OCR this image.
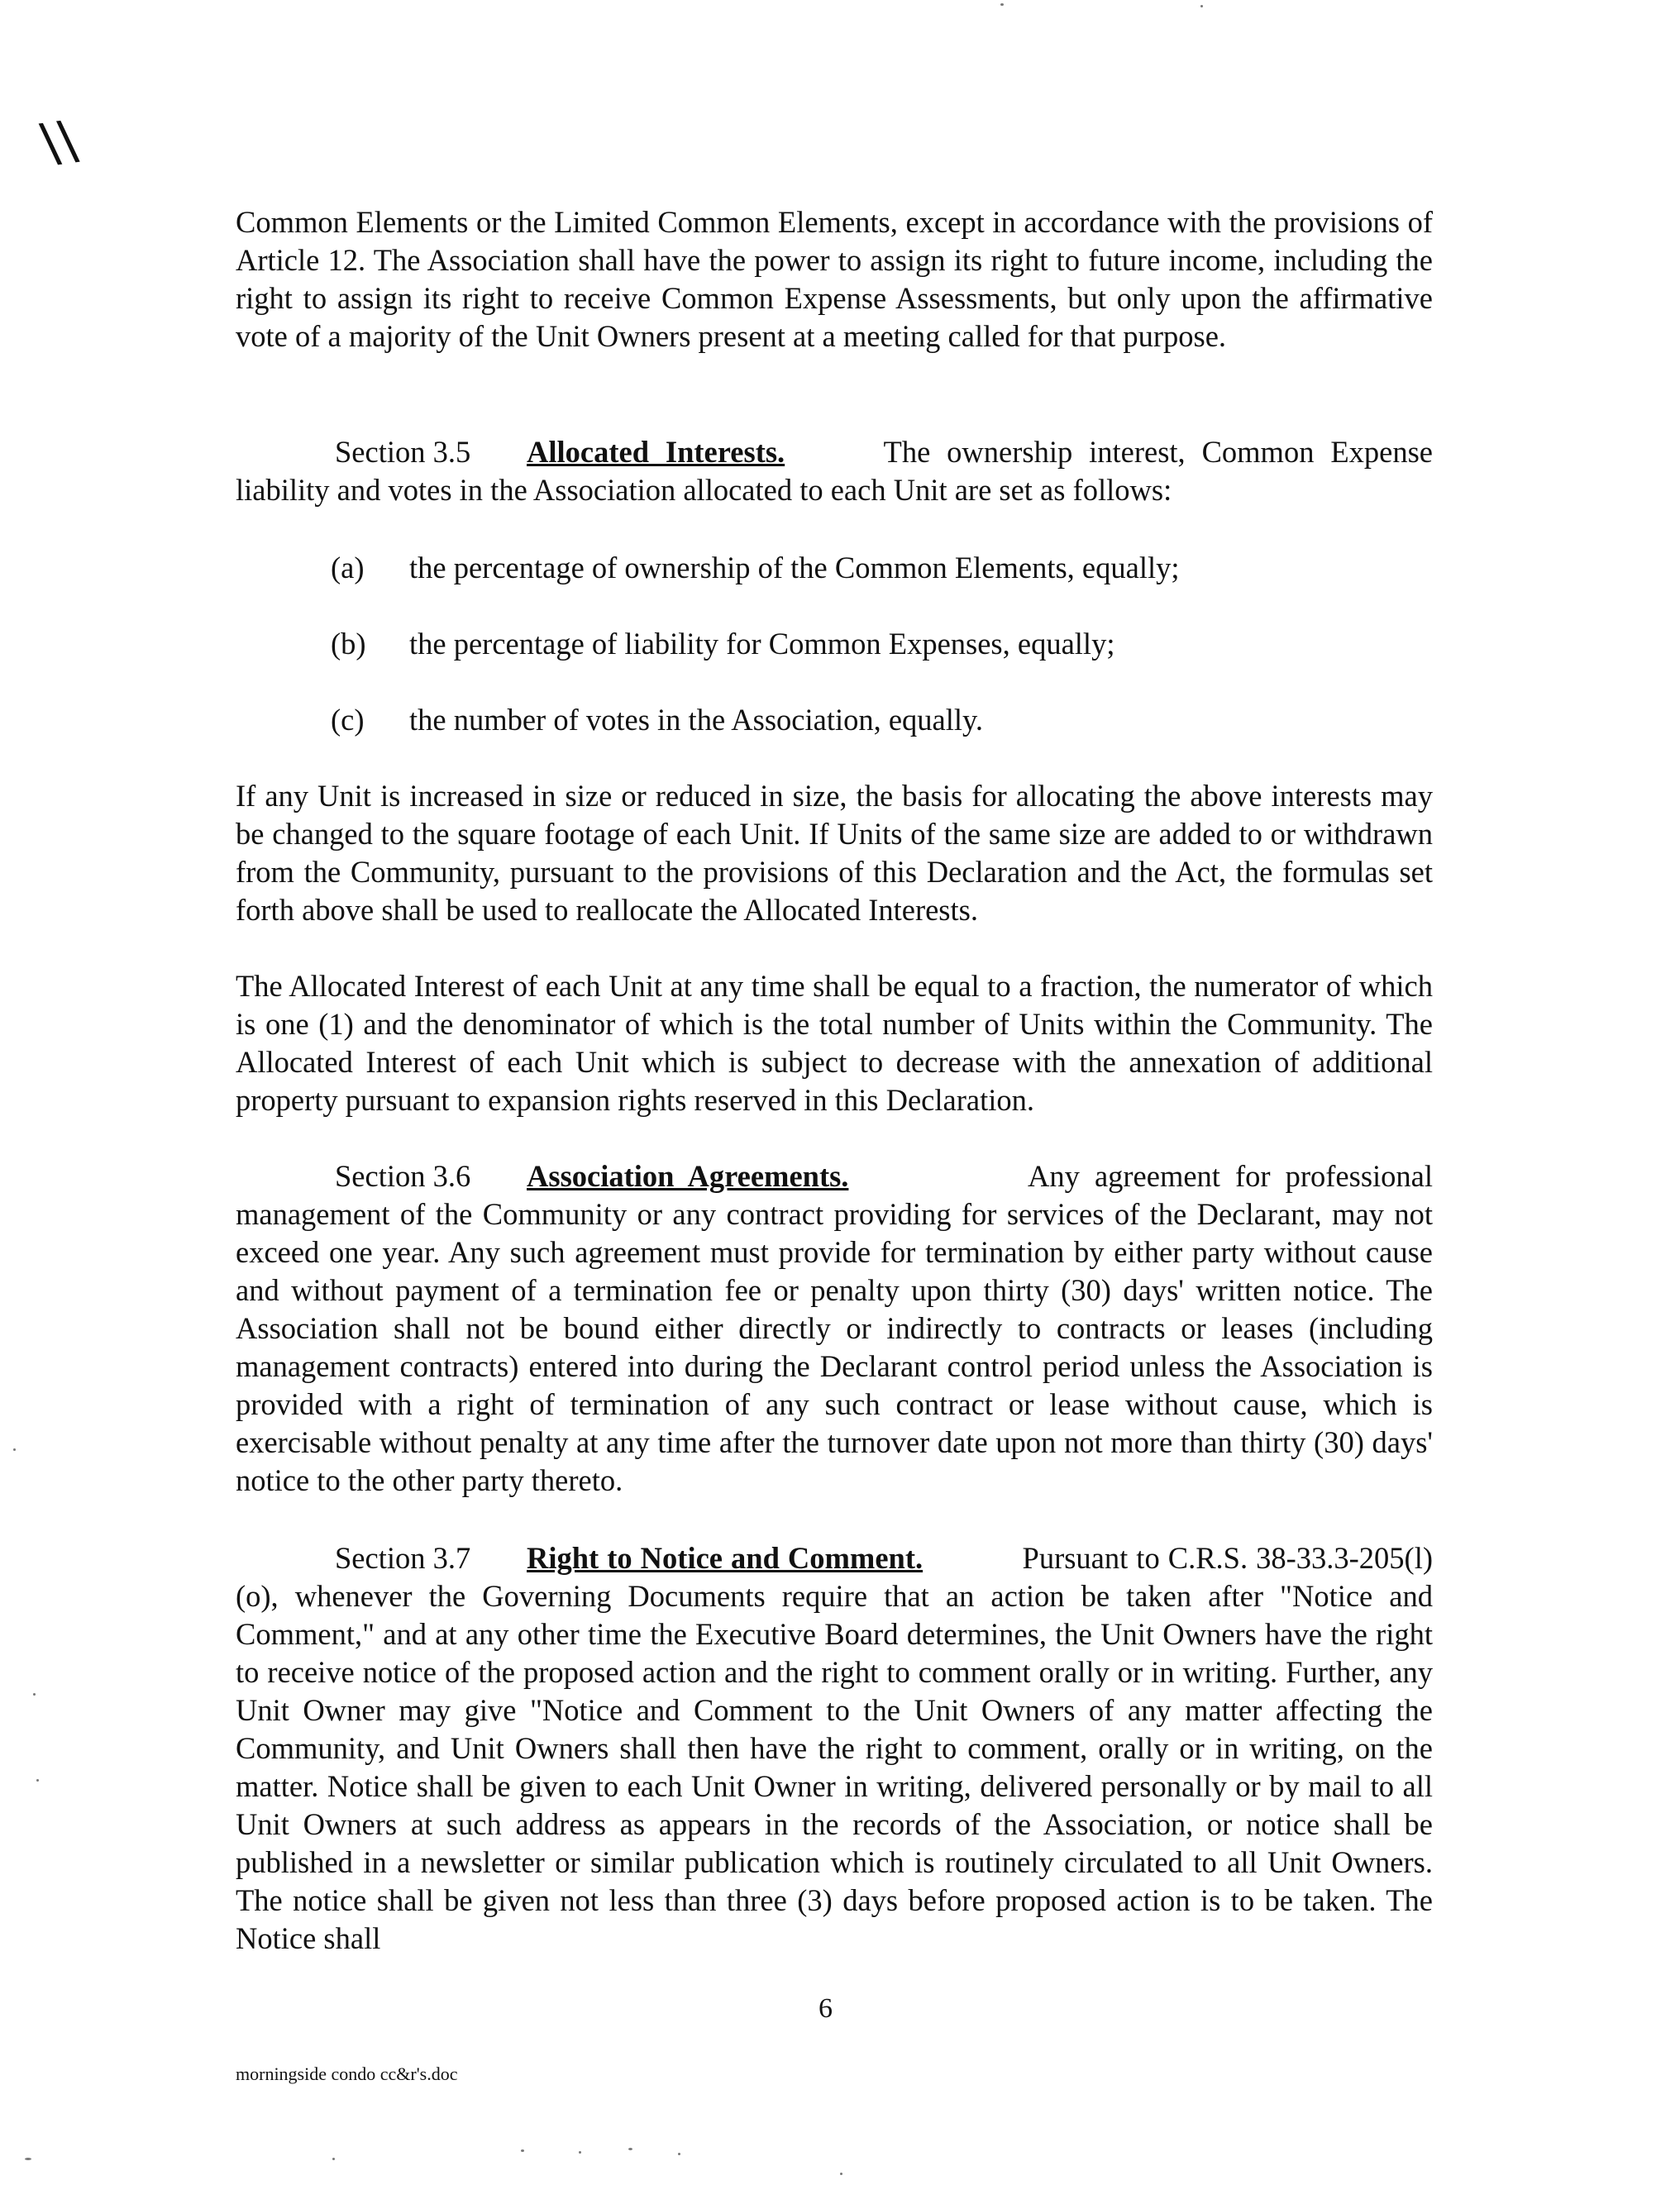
\\

Common Elements or the Limited Common Elements, except in accordance with the provisions of Article 12. The Association shall have the power to assign its right to future income, including the right to assign its right to receive Common Expense Assessments, but only upon the affirmative vote of a majority of the Unit Owners present at a meeting called for that purpose.

Section 3.5 Allocated Interests.	The ownership interest, Common Expense liability and votes in the Association allocated to each Unit are set as follows:
(a) the percentage of ownership of the Common Elements, equally;
(b) the percentage of liability for Common Expenses, equally;
(c) the number of votes in the Association, equally.

If any Unit is increased in size or reduced in size, the basis for allocating the above interests may be changed to the square footage of each Unit. If Units of the same size are added to or withdrawn from the Community, pursuant to the provisions of this Declaration and the Act, the formulas set forth above shall be used to reallocate the Allocated Interests.

The Allocated Interest of each Unit at any time shall be equal to a fraction, the numerator of which is one (1) and the denominator of which is the total number of Units within the Community. The Allocated Interest of each Unit which is subject to decrease with the annexation of additional property pursuant to expansion rights reserved in this Declaration.

Section 3.6 Association Agreements.	Any agreement for professional management of the Community or any contract providing for services of the Declarant, may not exceed one year. Any such agreement must provide for termination by either party without cause and without payment of a termination fee or penalty upon thirty (30) days' written notice. The Association shall not be bound either directly or indirectly to contracts or leases (including management contracts) entered into during the Declarant control period unless the Association is provided with a right of termination of any such contract or lease without cause, which is exercisable without penalty at any time after the turnover date upon not more than thirty (30) days' notice to the other party thereto.
Section 3.7 Right to Notice and Comment.	Pursuant to C.R.S. 38-33.3-205(l)(o), whenever the Governing Documents require that an action be taken after "Notice and Comment," and at any other time the Executive Board determines, the Unit Owners have the right to receive notice of the proposed action and the right to comment orally or in writing. Further, any Unit Owner may give "Notice and Comment to the Unit Owners of any matter affecting the Community, and Unit Owners shall then have the right to comment, orally or in writing, on the matter. Notice shall be given to each Unit Owner in writing, delivered personally or by mail to all Unit Owners at such address as appears in the records of the Association, or notice shall be published in a newsletter or similar publication which is routinely circulated to all Unit Owners. The notice shall be given not less than three (3) days before proposed action is to be taken. The Notice shall
6
morningside condo cc&r's.doc
